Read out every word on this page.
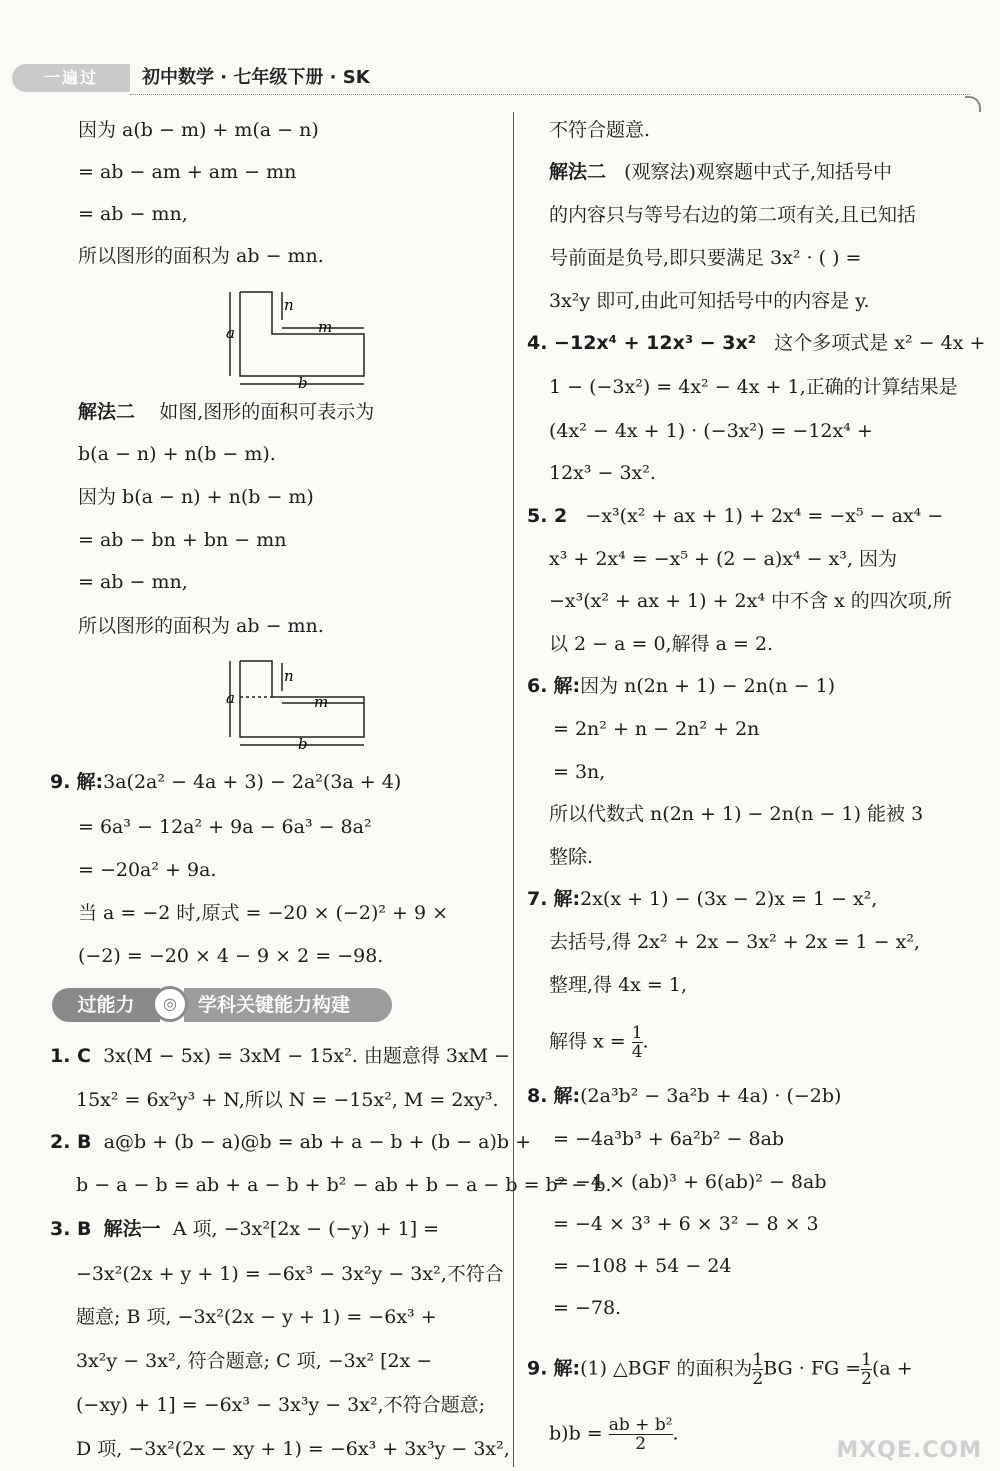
一遍过	初中数学 · 七年级下册 · SK
因为 a(b − m) + m(a − n)
= ab − am + am − mn
= ab − mn,
所以图形的面积为 ab − mn.
a
n
m
b
解法二 如图,图形的面积可表示为
b(a − n) + n(b − m).
因为 b(a − n) + n(b − m)
= ab − bn + bn − mn
= ab − mn,
所以图形的面积为 ab − mn.
a
n
m
b
9. 解:3a(2a² − 4a + 3) − 2a²(3a + 4)
= 6a³ − 12a² + 9a − 6a³ − 8a²
= −20a² + 9a.
当 a = −2 时,原式 = −20 × (−2)² + 9 ×
(−2) = −20 × 4 − 9 × 2 = −98.
1. C 3x(M − 5x) = 3xM − 15x². 由题意得 3xM −
15x² = 6x²y³ + N,所以 N = −15x², M = 2xy³.
2. B a@b + (b − a)@b = ab + a − b + (b − a)b +
b − a − b = ab + a − b + b² − ab + b − a − b = b² − b.
3. B 解法一 A 项, −3x²[2x − (−y) + 1] =
−3x²(2x + y + 1) = −6x³ − 3x²y − 3x²,不符合
题意; B 项, −3x²(2x − y + 1) = −6x³ +
3x²y − 3x², 符合题意; C 项, −3x² [2x −
(−xy) + 1] = −6x³ − 3x³y − 3x²,不符合题意;
D 项, −3x²(2x − xy + 1) = −6x³ + 3x³y − 3x²,
过能力	学科关键能力构建
◎
不符合题意.
解法二 (观察法)观察题中式子,知括号中
的内容只与等号右边的第二项有关,且已知括
号前面是负号,即只要满足 3x² · ( ) =
3x²y 即可,由此可知括号中的内容是 y.
4. −12x⁴ + 12x³ − 3x² 这个多项式是 x² − 4x +
1 − (−3x²) = 4x² − 4x + 1,正确的计算结果是
(4x² − 4x + 1) · (−3x²) = −12x⁴ +
12x³ − 3x².
5. 2 −x³(x² + ax + 1) + 2x⁴ = −x⁵ − ax⁴ −
x³ + 2x⁴ = −x⁵ + (2 − a)x⁴ − x³, 因为
−x³(x² + ax + 1) + 2x⁴ 中不含 x 的四次项,所
以 2 − a = 0,解得 a = 2.
6. 解:因为 n(2n + 1) − 2n(n − 1)
= 2n² + n − 2n² + 2n
= 3n,
所以代数式 n(2n + 1) − 2n(n − 1) 能被 3
整除.
7. 解:2x(x + 1) − (3x − 2)x = 1 − x²,
去括号,得 2x² + 2x − 3x² + 2x = 1 − x²,
整理,得 4x = 1,
解得 $x = \frac{1}{4}$ .
8. 解:(2a³b² − 3a²b + 4a) · (−2b)
= −4a³b³ + 6a²b² − 8ab
= −4 × (ab)³ + 6(ab)² − 8ab
= −4 × 3³ + 6 × 3² − 8 × 3
= −108 + 54 − 24
= −78.
9. 解:(1) △BGF 的面积为 $\frac{1}{2}$ BG · FG = $\frac{1}{2} (a$ +
$b)b = \frac{\text{ab + b²}}{2}$ .
MXQE.COM
